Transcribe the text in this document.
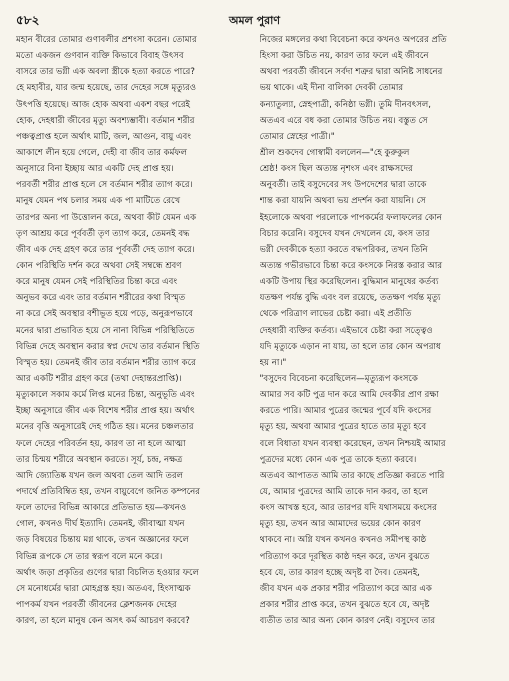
৫৮২	অমল পুরাণ
মহান বীরের তোমার গুণাবলীর প্রশংসা করেন। তোমার
মতো একজন গুণবান ব্যক্তি কিভাবে বিবাহ উৎসব
বাসরে তার ভগ্নী এক অবলা স্ত্রীকে হত্যা করতে পারে?
হে মহাবীর, যার জন্ম হয়েছে, তার দেহের সঙ্গে মৃত্যুরও
উৎপত্তি হয়েছে। আজ হোক অথবা একশ বছর পরেই
হোক, দেহধারী জীবের মৃত্যু অবশ্যম্ভাবী। বর্তমান শরীর
পঞ্চত্বপ্রাপ্ত হলে অর্থাৎ মাটি, জল, আগুন, বায়ু এবং
আকাশে লীন হয়ে গেলে, দেহী বা জীব তার কর্মফল
অনুসারে বিনা ইচ্ছায় আর একটি দেহ প্রাপ্ত হয়।
পরবর্তী শরীর প্রাপ্ত হলে সে বর্তমান শরীর ত্যাগ করে।
মানুষ যেমন পথ চলার সময় এক পা মাটিতে রেখে
তারপর অন্য পা উত্তোলন করে, অথবা কীট যেমন এক
তৃণ আশ্রয় করে পূর্ববর্তী তৃণ ত্যাগ করে, তেমনই বদ্ধ
জীব এক দেহ গ্রহণ করে তার পূর্ববর্তী দেহ ত্যাগ করে।
কোন পরিস্থিতি দর্শন করে অথবা সেই সম্বন্ধে শ্রবণ
করে মানুষ যেমন সেই পরিস্থিতির চিন্তা করে এবং
অনুভব করে এবং তার বর্তমান শরীরের কথা বিস্মৃত
না করে সেই অবস্থার বশীভূত হয়ে পড়ে, অনুরূপভাবে
মনের দ্বারা প্রভাবিত হয়ে সে নানা বিভিন্ন পরিস্থিতিতে
বিভিন্ন দেহে অবস্থান করার স্বপ্ন দেখে তার বর্তমান স্থিতি
বিস্মৃত হয়। তেমনই জীব তার বর্তমান শরীর ত্যাগ করে
আর একটি শরীর গ্রহণ করে (তথা দেহান্তরপ্রাপ্তি)।
মৃত্যুকালে সকাম কর্মে লিপ্ত মনের চিন্তা, অনুভূতি এবং
ইচ্ছা অনুসারে জীব এক বিশেষ শরীর প্রাপ্ত হয়। অর্থাৎ
মনের বৃত্তি অনুসারেই দেহ গঠিত হয়। মনের চঞ্চলতার
ফলে দেহের পরিবর্তন হয়, কারণ তা না হলে আত্মা
তার চিন্ময় শরীরে অবস্থান করতে। সূর্য, চন্দ্র, নক্ষত্র
আদি জ্যোতিষ্ক যখন জল অথবা তেল আদি তরল
পদার্থে প্রতিবিম্বিত হয়, তখন বায়ুবেগে জনিত কম্পনের
ফলে তাদের বিভিন্ন আকারে প্রতিভাত হয়—কখনও
গোল, কখনও দীর্ঘ ইত্যাদি। তেমনই, জীবাত্মা যখন
জড় বিষয়ের চিন্তায় মগ্ন থাকে, তখন অজ্ঞানের ফলে
বিভিন্ন রূপকে সে তার স্বরূপ বলে মনে করে।
অর্থাৎ জড়া প্রকৃতির গুণের দ্বারা বিচলিত হওয়ার ফলে
সে মনোধর্মের দ্বারা মোহগ্রস্ত হয়। অতএব, হিংসাত্মক
পাপকর্ম যখন পরবর্তী জীবনের ক্লেশজনক দেহের
কারণ, তা হলে মানুষ কেন অসৎ কর্ম আচরণ করবে?
নিজের মঙ্গলের কথা বিবেচনা করে কখনও অপরের প্রতি
হিংসা করা উচিত নয়, কারণ তার ফলে এই জীবনে
অথবা পরবর্তী জীবনে সর্বদা শত্রুর দ্বারা অনিষ্ট সাধনের
ভয় থাকে। এই দীনা বালিকা দেবকী তোমার
কন্যাতুল্যা, স্নেহপাত্রী, কনিষ্ঠা ভগ্নী। তুমি দীনবৎসল,
অতএব এরে বধ করা তোমার উচিত নয়। বস্তুত সে
তোমার স্নেহের পাত্রী।"
শ্রীল শুকদেব গোস্বামী বললেন—"হে কুরুকুল
শ্রেষ্ঠ! কংস ছিল অত্যন্ত নৃশংস এবং রাক্ষসদের
অনুবর্তী। তাই বসুদেবের সৎ উপদেশের দ্বারা তাকে
শান্ত করা যায়নি অথবা ভয় প্রদর্শন করা যায়নি। সে
ইহলোকে অথবা পরলোকে পাপকর্মের ফলাফলের কোন
বিচার করেনি। বসুদেব যখন দেখলেন যে, কংস তার
ভগ্নী দেবকীকে হত্যা করতে বদ্ধপরিকর, তখন তিনি
অত্যন্ত গভীরভাবে চিন্তা করে কংসকে নিরস্ত করার আর
একটি উপায় স্থির করেছিলেন। বুদ্ধিমান মানুষের কর্তব্য
যতক্ষণ পর্যন্ত বুদ্ধি এবং বল রয়েছে, ততক্ষণ পর্যন্ত মৃত্যু
থেকে পরিত্রাণ লাভের চেষ্টা করা। এই প্রতীতি
দেহধারী ব্যক্তির কর্তব্য। এইভাবে চেষ্টা করা সত্ত্বেও
যদি মৃত্যুকে এড়ান না যায়, তা হলে তার কোন অপরাধ
হয় না।"
"বসুদেব বিবেচনা করেছিলেন—মৃত্যুরূপ কংসকে
আমার সব কটি পুত্র দান করে আমি দেবকীর প্রাণ রক্ষা
করতে পারি। আমার পুত্রের জন্মের পূর্বে যদি কংসের
মৃত্যু হয়, অথবা আমার পুত্রের হাতে তার মৃত্যু হবে
বলে বিধাতা যখন ব্যবস্থা করেছেন, তখন নিশ্চয়ই আমার
পুত্রদের মধ্যে কোন এক পুত্র তাকে হত্যা করবে।
অতএব আপাতত আমি তার কাছে প্রতিজ্ঞা করতে পারি
যে, আমার পুত্রদের আমি তাকে দান করব, তা হলে
কংস আখস্ত হবে, আর তারপর যদি যথাসময়ে কংসের
মৃত্যু হয়, তখন আর আমাদের ভয়ের কোন কারণ
থাকবে না। অগ্নি যখন কখনও কখনও সমীপস্থ কাষ্ঠ
পরিত্যাগ করে দূরস্থিত কাষ্ঠ দহন করে, তখন বুঝতে
হবে যে, তার কারণ হচ্ছে অদৃষ্ট বা দৈব। তেমনই,
জীব যখন এক প্রকার শরীর পরিত্যাগ করে আর এক
প্রকার শরীর প্রাপ্ত করে, তখন বুঝতে হবে যে, অদৃষ্ট
ব্যতীত তার আর অন্য কোন কারণ নেই। বসুদেব তার
